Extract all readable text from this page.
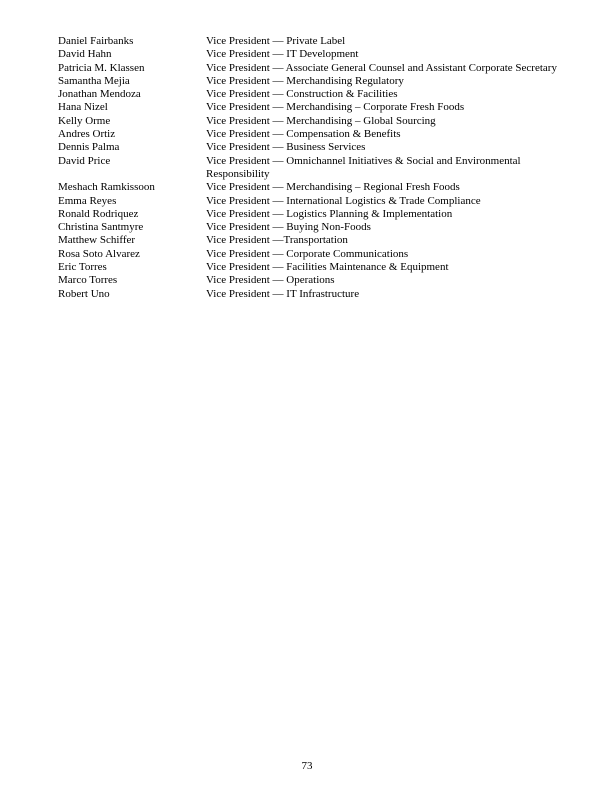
Daniel Fairbanks	Vice President — Private Label
David Hahn	Vice President — IT Development
Patricia M. Klassen	Vice President — Associate General Counsel and Assistant Corporate Secretary
Samantha Mejia	Vice President — Merchandising Regulatory
Jonathan Mendoza	Vice President — Construction & Facilities
Hana Nizel	Vice President — Merchandising – Corporate Fresh Foods
Kelly Orme	Vice President — Merchandising – Global Sourcing
Andres Ortiz	Vice President — Compensation & Benefits
Dennis Palma	Vice President — Business Services
David Price	Vice President — Omnichannel Initiatives & Social and Environmental
Responsibility
Meshach Ramkissoon	Vice President — Merchandising – Regional Fresh Foods
Emma Reyes	Vice President — International Logistics & Trade Compliance
Ronald Rodriquez	Vice President — Logistics Planning & Implementation
Christina Santmyre	Vice President — Buying Non-Foods
Matthew Schiffer	Vice President —Transportation
Rosa Soto Alvarez	Vice President — Corporate Communications
Eric Torres	Vice President — Facilities Maintenance & Equipment
Marco Torres	Vice President — Operations
Robert Uno	Vice President — IT Infrastructure
73
